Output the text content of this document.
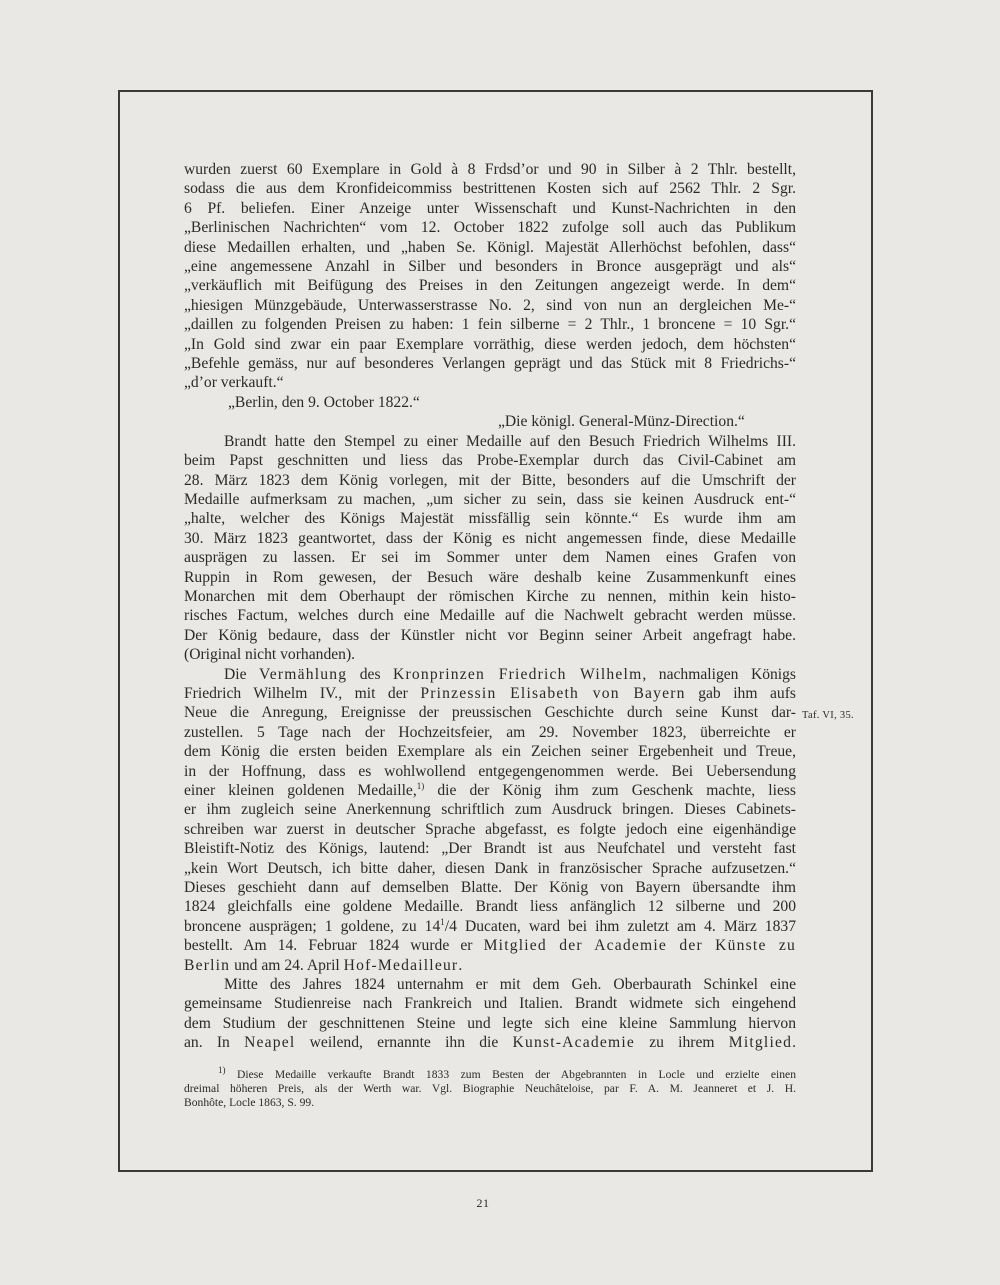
wurden zuerst 60 Exemplare in Gold à 8 Frdsd’or und 90 in Silber à 2 Thlr. bestellt,
sodass die aus dem Kronfideicommiss bestrittenen Kosten sich auf 2562 Thlr. 2 Sgr.
6 Pf. beliefen. Einer Anzeige unter Wissenschaft und Kunst-Nachrichten in den
„Berlinischen Nachrichten“ vom 12. October 1822 zufolge soll auch das Publikum
diese Medaillen erhalten, und „haben Se. Königl. Majestät Allerhöchst befohlen, dass“
„eine angemessene Anzahl in Silber und besonders in Bronce ausgeprägt und als“
„verkäuflich mit Beifügung des Preises in den Zeitungen angezeigt werde. In dem“
„hiesigen Münzgebäude, Unterwasserstrasse No. 2, sind von nun an dergleichen Me-“
„daillen zu folgenden Preisen zu haben: 1 fein silberne = 2 Thlr., 1 broncene = 10 Sgr.“
„In Gold sind zwar ein paar Exemplare vorräthig, diese werden jedoch, dem höchsten“
„Befehle gemäss, nur auf besonderes Verlangen geprägt und das Stück mit 8 Friedrichs-“
„d’or verkauft.“
„Berlin, den 9. October 1822.“
„Die königl. General-Münz-Direction.“
Brandt hatte den Stempel zu einer Medaille auf den Besuch Friedrich Wilhelms III.
beim Papst geschnitten und liess das Probe-Exemplar durch das Civil-Cabinet am
28. März 1823 dem König vorlegen, mit der Bitte, besonders auf die Umschrift der
Medaille aufmerksam zu machen, „um sicher zu sein, dass sie keinen Ausdruck ent-“
„halte, welcher des Königs Majestät missfällig sein könnte.“ Es wurde ihm am
30. März 1823 geantwortet, dass der König es nicht angemessen finde, diese Medaille
ausprägen zu lassen. Er sei im Sommer unter dem Namen eines Grafen von
Ruppin in Rom gewesen, der Besuch wäre deshalb keine Zusammenkunft eines
Monarchen mit dem Oberhaupt der römischen Kirche zu nennen, mithin kein histo-
risches Factum, welches durch eine Medaille auf die Nachwelt gebracht werden müsse.
Der König bedaure, dass der Künstler nicht vor Beginn seiner Arbeit angefragt habe.
(Original nicht vorhanden).
Die Vermählung des Kronprinzen Friedrich Wilhelm, nachmaligen Königs
Friedrich Wilhelm IV., mit der Prinzessin Elisabeth von Bayern gab ihm aufs
Neue die Anregung, Ereignisse der preussischen Geschichte durch seine Kunst dar-
zustellen. 5 Tage nach der Hochzeitsfeier, am 29. November 1823, überreichte er
dem König die ersten beiden Exemplare als ein Zeichen seiner Ergebenheit und Treue,
in der Hoffnung, dass es wohlwollend entgegengenommen werde. Bei Uebersendung
einer kleinen goldenen Medaille,$^{1)}$ die der König ihm zum Geschenk machte, liess
er ihm zugleich seine Anerkennung schriftlich zum Ausdruck bringen. Dieses Cabinets-
schreiben war zuerst in deutscher Sprache abgefasst, es folgte jedoch eine eigenhändige
Bleistift-Notiz des Königs, lautend: „Der Brandt ist aus Neufchatel und versteht fast
„kein Wort Deutsch, ich bitte daher, diesen Dank in französischer Sprache aufzusetzen.“
Dieses geschieht dann auf demselben Blatte. Der König von Bayern übersandte ihm
1824 gleichfalls eine goldene Medaille. Brandt liess anfänglich 12 silberne und 200
broncene ausprägen; 1 goldene, zu $14^1/4$ Ducaten, ward bei ihm zuletzt am 4. März 1837
bestellt. Am 14. Februar 1824 wurde er Mitglied der Academie der Künste zu
Berlin und am 24. April Hof-Medailleur.
Mitte des Jahres 1824 unternahm er mit dem Geh. Oberbaurath Schinkel eine
gemeinsame Studienreise nach Frankreich und Italien. Brandt widmete sich eingehend
dem Studium der geschnittenen Steine und legte sich eine kleine Sammlung hiervon
an. In Neapel weilend, ernannte ihn die Kunst-Academie zu ihrem Mitglied.
Taf. VI, 35.
$^{1)}$ Diese Medaille verkaufte Brandt 1833 zum Besten der Abgebrannten in Locle und erzielte einen
dreimal höheren Preis, als der Werth war. Vgl. Biographie Neuchâteloise, par F. A. M. Jeanneret et J. H.
Bonhôte, Locle 1863, S. 99.
21
